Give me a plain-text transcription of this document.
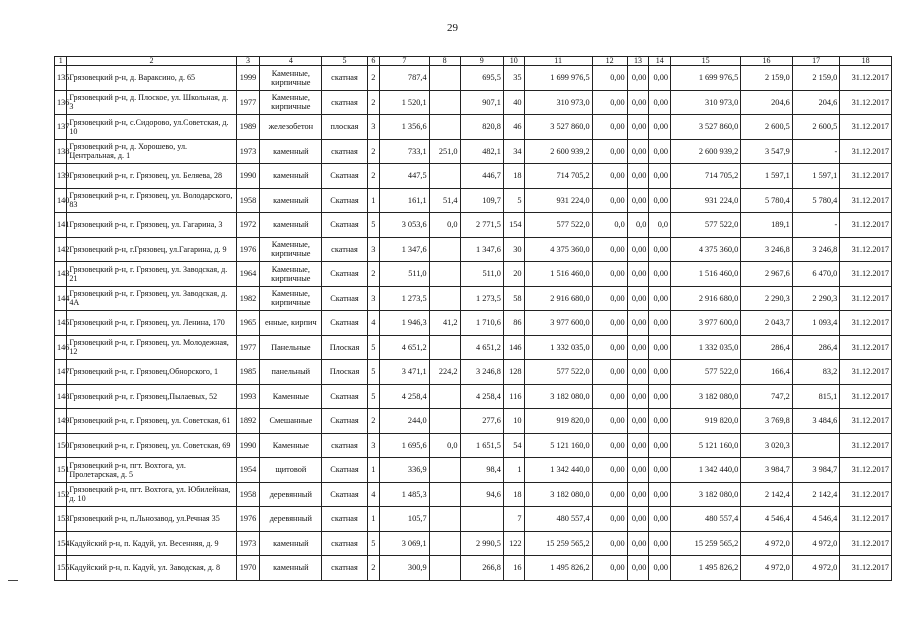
29
1	2	3	4	5	6	7	8	9	10	11	12	13	14	15	16	17	18
135	Грязовецкий р-н, д. Вараксино, д. 65	1999	Каменные, кирпичные	скатная	2	787,4		695,5	35	1 699 976,5	0,00	0,00	0,00	1 699 976,5	2 159,0	2 159,0	31.12.2017
136	Грязовецкий р-н, д. Плоское, ул. Школьная, д. 3	1977	Каменные, кирпичные	скатная	2	1 520,1		907,1	40	310 973,0	0,00	0,00	0,00	310 973,0	204,6	204,6	31.12.2017
137	Грязовецкий р-н, с.Сидорово, ул.Советская, д. 10	1989	железобетон	плоская	3	1 356,6		820,8	46	3 527 860,0	0,00	0,00	0,00	3 527 860,0	2 600,5	2 600,5	31.12.2017
138	Грязовецкий р-н, д. Хорошево, ул. Центральная, д. 1	1973	каменный	скатная	2	733,1	251,0	482,1	34	2 600 939,2	0,00	0,00	0,00	2 600 939,2	3 547,9	-	31.12.2017
139	Грязовецкий р-н, г. Грязовец, ул. Беляева, 28	1990	каменный	Скатная	2	447,5		446,7	18	714 705,2	0,00	0,00	0,00	714 705,2	1 597,1	1 597,1	31.12.2017
140	Грязовецкий р-н, г. Грязовец, ул. Володарского, 83	1958	каменный	Скатная	1	161,1	51,4	109,7	5	931 224,0	0,00	0,00	0,00	931 224,0	5 780,4	5 780,4	31.12.2017
141	Грязовецкий р-н, г. Грязовец, ул. Гагарина, 3	1972	каменный	Скатная	5	3 053,6	0,0	2 771,5	154	577 522,0	0,0	0,0	0,0	577 522,0	189,1	-	31.12.2017
142	Грязовецкий р-н, г.Грязовец, ул.Гагарина, д. 9	1976	Каменные, кирпичные	скатная	3	1 347,6		1 347,6	30	4 375 360,0	0,00	0,00	0,00	4 375 360,0	3 246,8	3 246,8	31.12.2017
143	Грязовецкий р-н, г. Грязовец, ул. Заводская, д. 21	1964	Каменные, кирпичные	Скатная	2	511,0		511,0	20	1 516 460,0	0,00	0,00	0,00	1 516 460,0	2 967,6	6 470,0	31.12.2017
144	Грязовецкий р-н, г. Грязовец, ул. Заводская, д. 4А	1982	Каменные, кирпичные	Скатная	3	1 273,5		1 273,5	58	2 916 680,0	0,00	0,00	0,00	2 916 680,0	2 290,3	2 290,3	31.12.2017
145	Грязовецкий р-н, г. Грязовец, ул. Ленина, 170	1965	енные, кирпич	Скатная	4	1 946,3	41,2	1 710,6	86	3 977 600,0	0,00	0,00	0,00	3 977 600,0	2 043,7	1 093,4	31.12.2017
146	Грязовецкий р-н, г. Грязовец, ул. Молодежная, 12	1977	Панельные	Плоская	5	4 651,2		4 651,2	146	1 332 035,0	0,00	0,00	0,00	1 332 035,0	286,4	286,4	31.12.2017
147	Грязовецкий р-н, г. Грязовец,Обнорского, 1	1985	панельный	Плоская	5	3 471,1	224,2	3 246,8	128	577 522,0	0,00	0,00	0,00	577 522,0	166,4	83,2	31.12.2017
148	Грязовецкий р-н, г. Грязовец,Пылаевых, 52	1993	Каменные	Скатная	5	4 258,4		4 258,4	116	3 182 080,0	0,00	0,00	0,00	3 182 080,0	747,2	815,1	31.12.2017
149	Грязовецкий р-н, г. Грязовец, ул. Советская, 61	1892	Смешанные	Скатная	2	244,0		277,6	10	919 820,0	0,00	0,00	0,00	919 820,0	3 769,8	3 484,6	31.12.2017
150	Грязовецкий р-н, г. Грязовец, ул. Советская, 69	1990	Каменные	скатная	3	1 695,6	0,0	1 651,5	54	5 121 160,0	0,00	0,00	0,00	5 121 160,0	3 020,3		31.12.2017
151	Грязовецкий р-н, пгт. Вохтога, ул. Пролетарская, д. 5	1954	щитовой	Скатная	1	336,9		98,4	1	1 342 440,0	0,00	0,00	0,00	1 342 440,0	3 984,7	3 984,7	31.12.2017
152	Грязовецкий р-н, пгт. Вохтога, ул. Юбилейная, д. 10	1958	деревянный	Скатная	4	1 485,3		94,6	18	3 182 080,0	0,00	0,00	0,00	3 182 080,0	2 142,4	2 142,4	31.12.2017
153	Грязовецкий р-н, п.Льнозавод, ул.Речная 35	1976	деревянный	скатная	1	105,7			7	480 557,4	0,00	0,00	0,00	480 557,4	4 546,4	4 546,4	31.12.2017
154	Кадуйский р-н, п. Кадуй, ул. Весенняя, д. 9	1973	каменный	скатная	5	3 069,1		2 990,5	122	15 259 565,2	0,00	0,00	0,00	15 259 565,2	4 972,0	4 972,0	31.12.2017
155	Кадуйский р-н, п. Кадуй, ул. Заводская, д. 8	1970	каменный	скатная	2	300,9		266,8	16	1 495 826,2	0,00	0,00	0,00	1 495 826,2	4 972,0	4 972,0	31.12.2017
